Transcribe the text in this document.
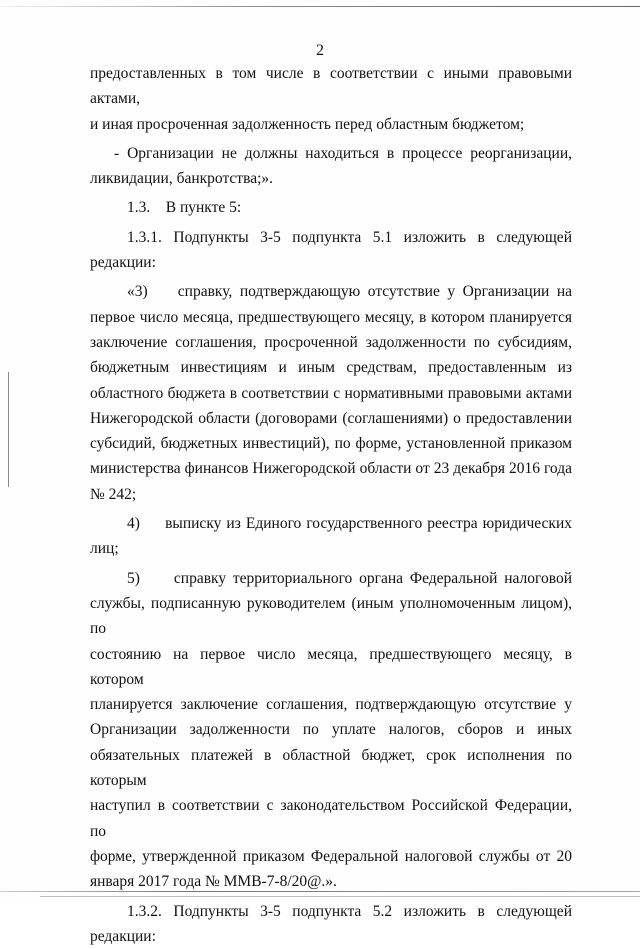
2

предоставленных в том числе в соответствии с иными правовыми актами,
и иная просроченная задолженность перед областным бюджетом;

- Организации не должны находиться в процессе реорганизации,
ликвидации, банкротства;».

1.3.    В пункте 5:

1.3.1. Подпункты 3-5 подпункта 5.1 изложить в следующей
редакции:

«3)    справку, подтверждающую отсутствие у Организации на
первое число месяца, предшествующего месяцу, в котором планируется
заключение соглашения, просроченной задолженности по субсидиям,
бюджетным инвестициям и иным средствам, предоставленным из
областного бюджета в соответствии с нормативными правовыми актами
Нижегородской области (договорами (соглашениями) о предоставлении
субсидий, бюджетных инвестиций), по форме, установленной приказом
министерства финансов Нижегородской области от 23 декабря 2016 года
№ 242;

4)     выписку из Единого государственного реестра юридических
лиц;

5)     справку территориального органа Федеральной налоговой
службы, подписанную руководителем (иным уполномоченным лицом), по
состоянию на первое число месяца, предшествующего месяцу, в котором
планируется заключение соглашения, подтверждающую отсутствие у
Организации задолженности по уплате налогов, сборов и иных
обязательных платежей в областной бюджет, срок исполнения по которым
наступил в соответствии с законодательством Российской Федерации, по
форме, утвержденной приказом Федеральной налоговой службы от 20
января 2017 года № ММВ-7-8/20@.».

1.3.2. Подпункты 3-5 подпункта 5.2 изложить в следующей
редакции:
